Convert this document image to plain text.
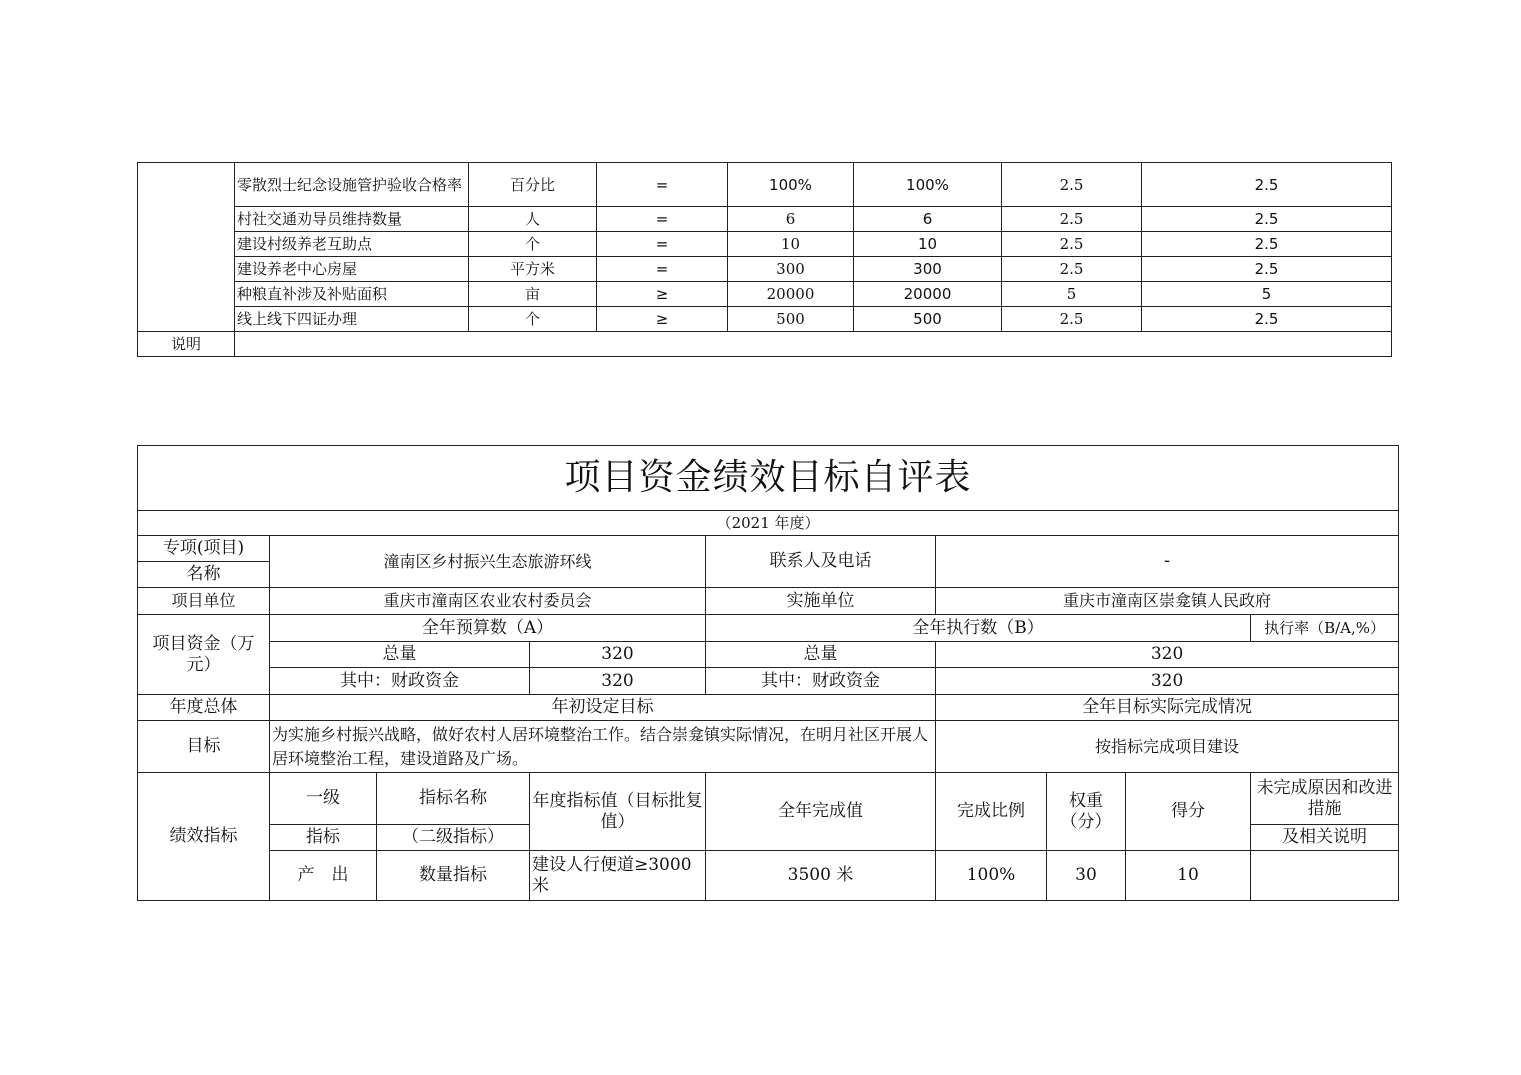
	零散烈士纪念设施管护验收合格率	百分比	=	100%	100%	2.5	2.5
	村社交通劝导员维持数量	人	=	6	6	2.5	2.5
	建设村级养老互助点	个	=	10	10	2.5	2.5
	建设养老中心房屋	平方米	=	300	300	2.5	2.5
	种粮直补涉及补贴面积	亩	≥	20000	20000	5	5
	线上线下四证办理	个	≥	500	500	2.5	2.5
说明							
项目资金绩效目标自评表									
（2021 年度）									
专项(项目)	潼南区乡村振兴生态旅游环线			联系人及电话	-				
名称									
项目单位	重庆市潼南区农业农村委员会			实施单位	重庆市潼南区崇龛镇人民政府				
项目资金（万元）	全年预算数（A）			全年执行数（B）				执行率（B/A,%）	
	总量		320	总量	320	
	其中：财政资金		320	其中：财政资金	320	
年度总体	年初设定目标				全年目标实际完成情况				
目标	为实施乡村振兴战略，做好农村人居环境整治工作。结合崇龛镇实际情况，在明月社区开展人居环境整治工程，建设道路及广场。				按指标完成项目建设				
绩效指标	一级	指标名称	年度指标值（目标批复值）	全年完成值	完成比例	权重（分）	得分	未完成原因和改进措施	
	指标	（二级指标）						及相关说明	
	产　出	数量指标	建设人行便道≥3000米	3500 米	100%	30	10		
